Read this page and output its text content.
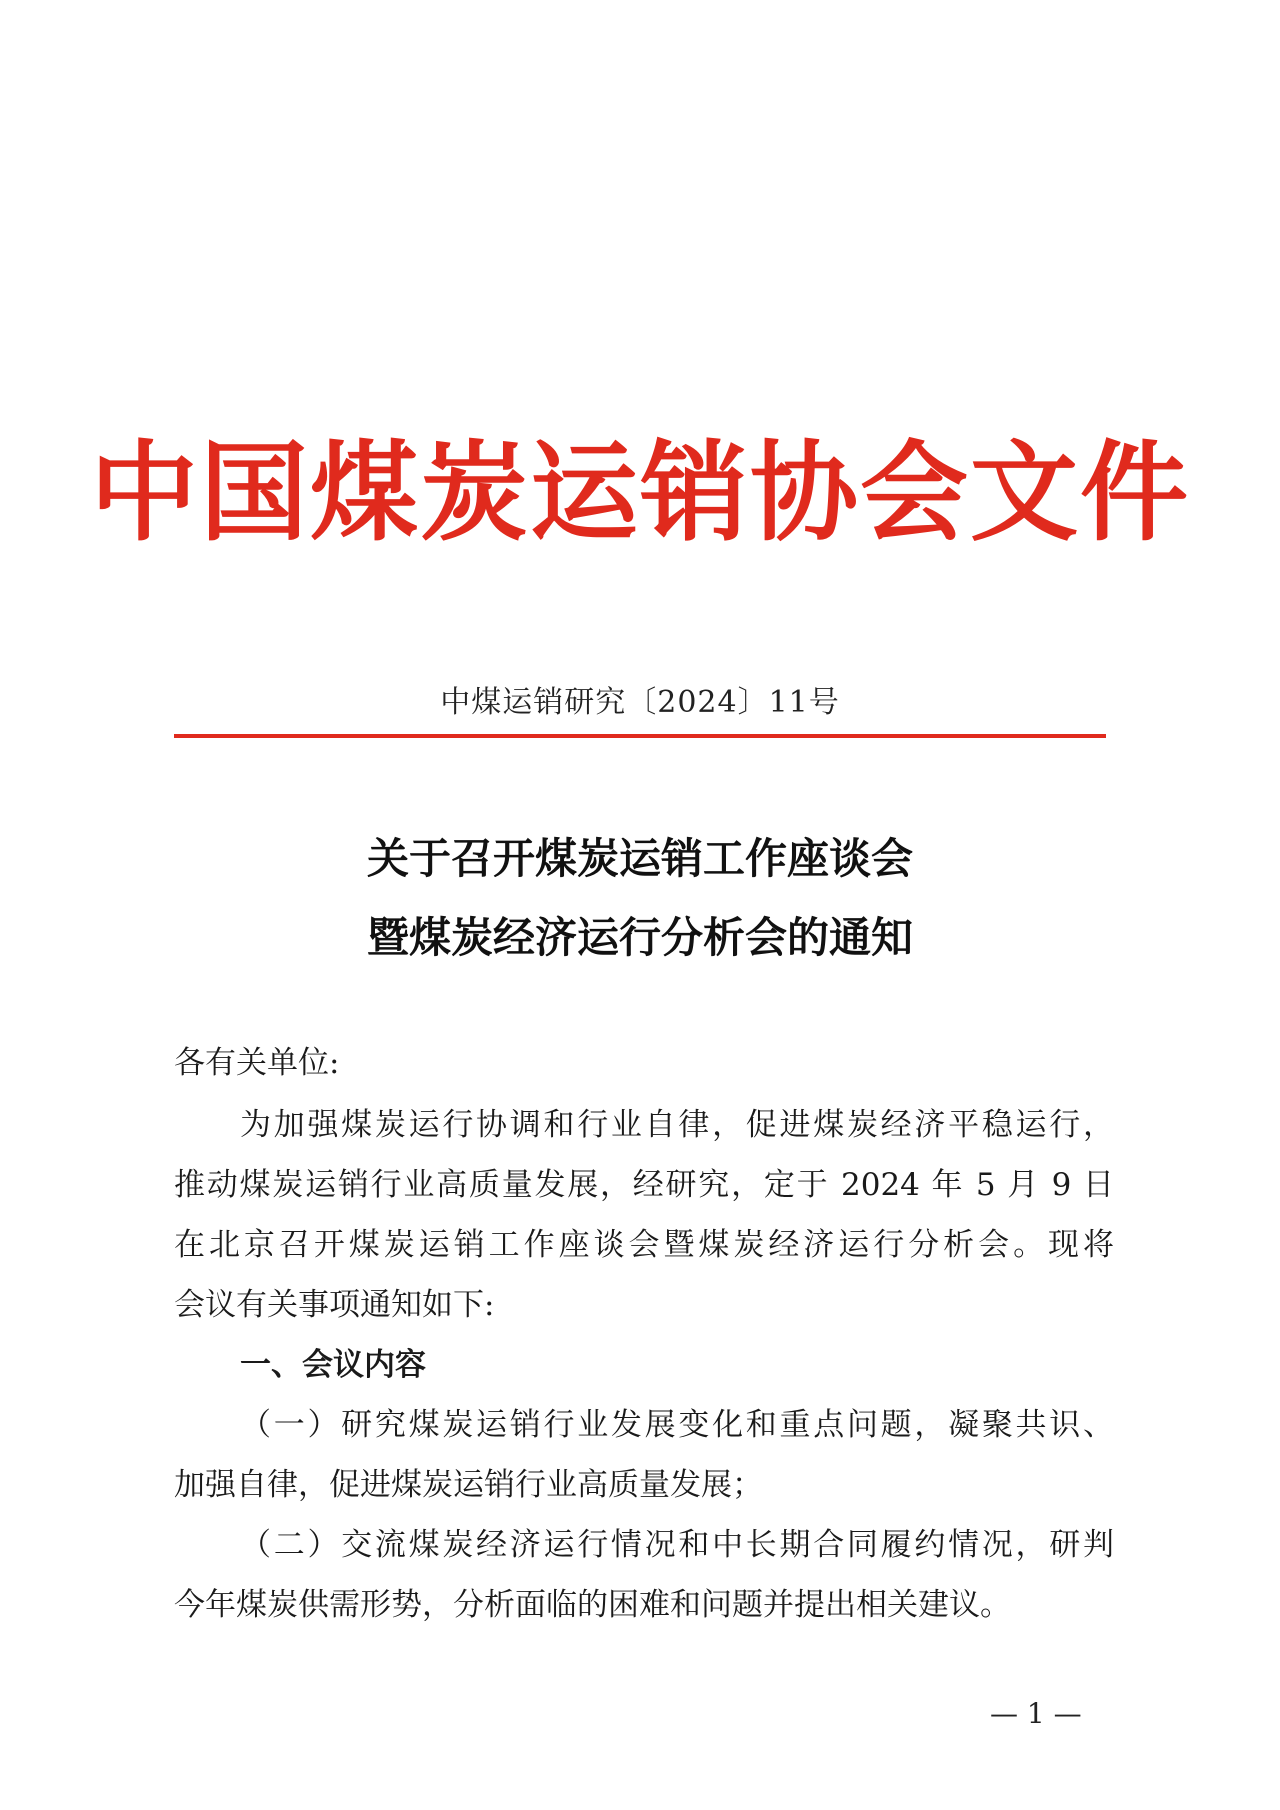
中国煤炭运销协会文件
中煤运销研究〔2024〕11号
关于召开煤炭运销工作座谈会
暨煤炭经济运行分析会的通知
各有关单位:
为加强煤炭运行协调和行业自律，促进煤炭经济平稳运行，
推动煤炭运销行业高质量发展，经研究，定于 2024 年 5 月 9 日
在北京召开煤炭运销工作座谈会暨煤炭经济运行分析会。现将
会议有关事项通知如下:
一、会议内容
（一）研究煤炭运销行业发展变化和重点问题，凝聚共识、
加强自律，促进煤炭运销行业高质量发展；
（二）交流煤炭经济运行情况和中长期合同履约情况，研判
今年煤炭供需形势，分析面临的困难和问题并提出相关建议。
— 1 —
